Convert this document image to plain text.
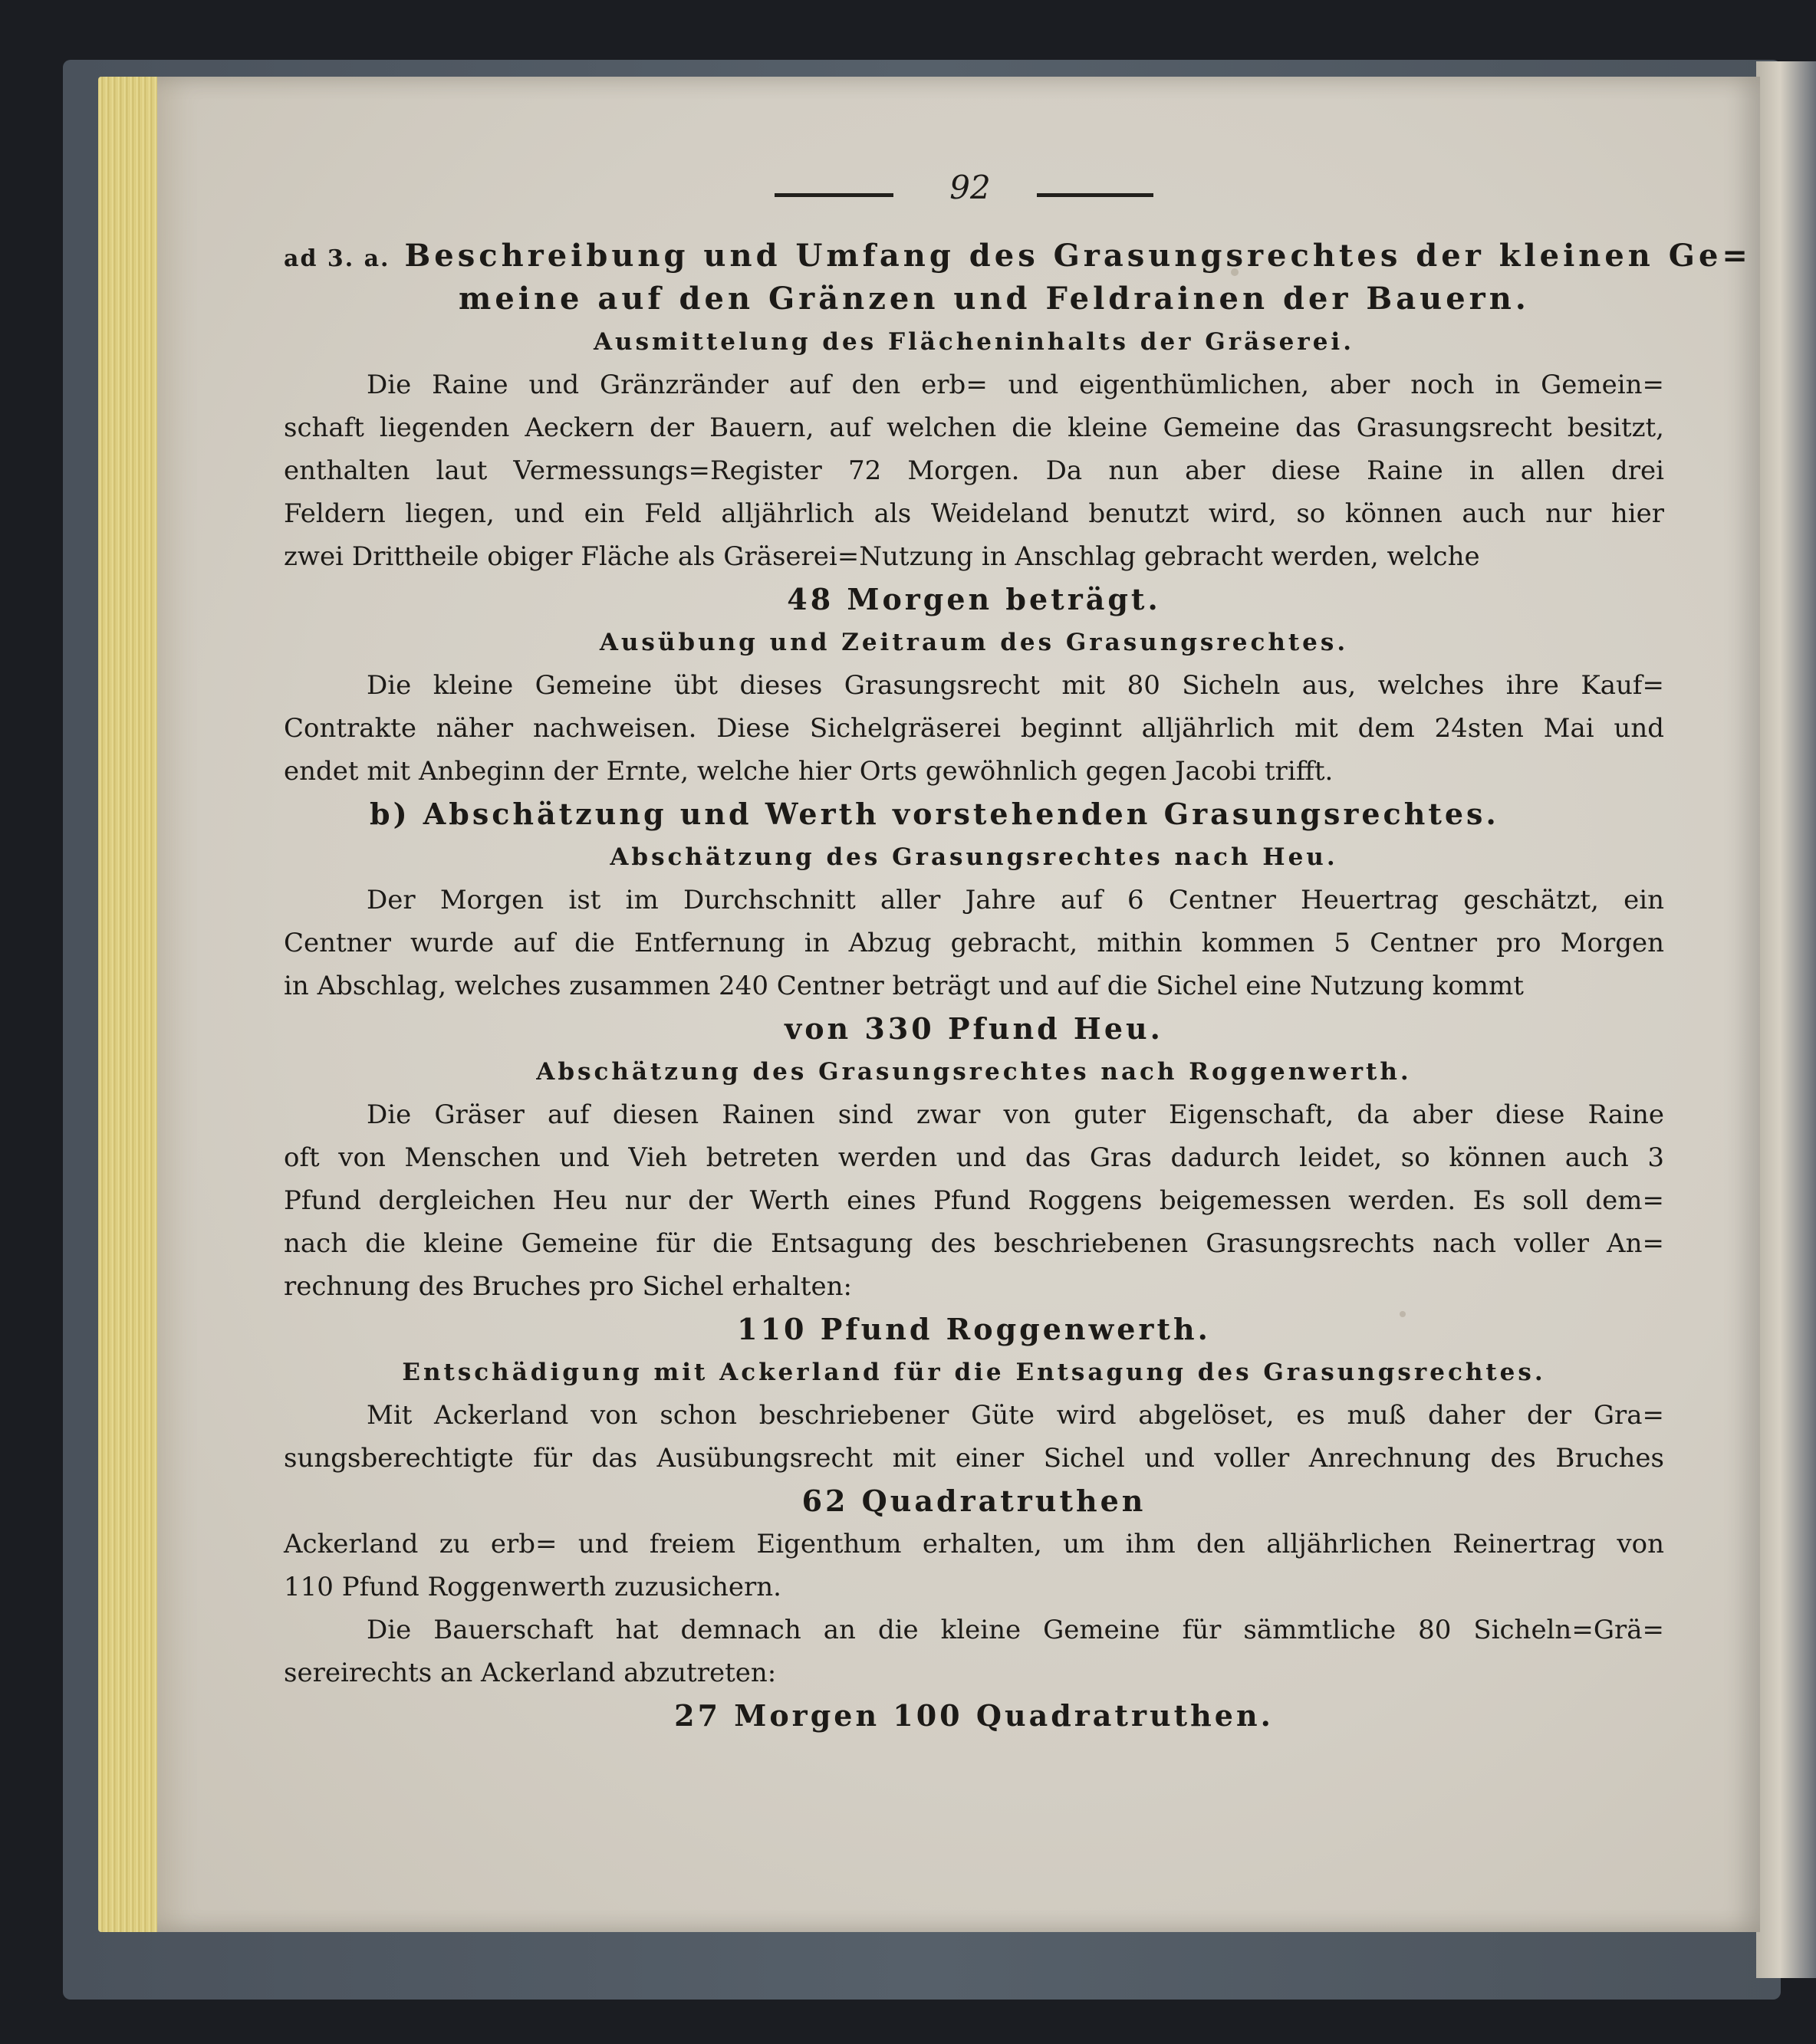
92
ad 3. a. Beschreibung und Umfang des Grasungsrechtes der kleinen Ge=
meine auf den Gränzen und Feldrainen der Bauern.
Ausmittelung des Flächeninhalts der Gräserei.
Die Raine und Gränzränder auf den erb= und eigenthümlichen, aber noch in Gemein=
schaft liegenden Aeckern der Bauern, auf welchen die kleine Gemeine das Grasungsrecht besitzt,
enthalten laut Vermessungs=Register 72 Morgen. Da nun aber diese Raine in allen drei
Feldern liegen, und ein Feld alljährlich als Weideland benutzt wird, so können auch nur hier
zwei Drittheile obiger Fläche als Gräserei=Nutzung in Anschlag gebracht werden, welche
48 Morgen beträgt.
Ausübung und Zeitraum des Grasungsrechtes.
Die kleine Gemeine übt dieses Grasungsrecht mit 80 Sicheln aus, welches ihre Kauf=
Contrakte näher nachweisen. Diese Sichelgräserei beginnt alljährlich mit dem 24sten Mai und
endet mit Anbeginn der Ernte, welche hier Orts gewöhnlich gegen Jacobi trifft.
b) Abschätzung und Werth vorstehenden Grasungsrechtes.
Abschätzung des Grasungsrechtes nach Heu.
Der Morgen ist im Durchschnitt aller Jahre auf 6 Centner Heuertrag geschätzt, ein
Centner wurde auf die Entfernung in Abzug gebracht, mithin kommen 5 Centner pro Morgen
in Abschlag, welches zusammen 240 Centner beträgt und auf die Sichel eine Nutzung kommt
von 330 Pfund Heu.
Abschätzung des Grasungsrechtes nach Roggenwerth.
Die Gräser auf diesen Rainen sind zwar von guter Eigenschaft, da aber diese Raine
oft von Menschen und Vieh betreten werden und das Gras dadurch leidet, so können auch 3
Pfund dergleichen Heu nur der Werth eines Pfund Roggens beigemessen werden. Es soll dem=
nach die kleine Gemeine für die Entsagung des beschriebenen Grasungsrechts nach voller An=
rechnung des Bruches pro Sichel erhalten:
110 Pfund Roggenwerth.
Entschädigung mit Ackerland für die Entsagung des Grasungsrechtes.
Mit Ackerland von schon beschriebener Güte wird abgelöset, es muß daher der Gra=
sungsberechtigte für das Ausübungsrecht mit einer Sichel und voller Anrechnung des Bruches
62 Quadratruthen
Ackerland zu erb= und freiem Eigenthum erhalten, um ihm den alljährlichen Reinertrag von
110 Pfund Roggenwerth zuzusichern.
Die Bauerschaft hat demnach an die kleine Gemeine für sämmtliche 80 Sicheln=Grä=
sereirechts an Ackerland abzutreten:
27 Morgen 100 Quadratruthen.
